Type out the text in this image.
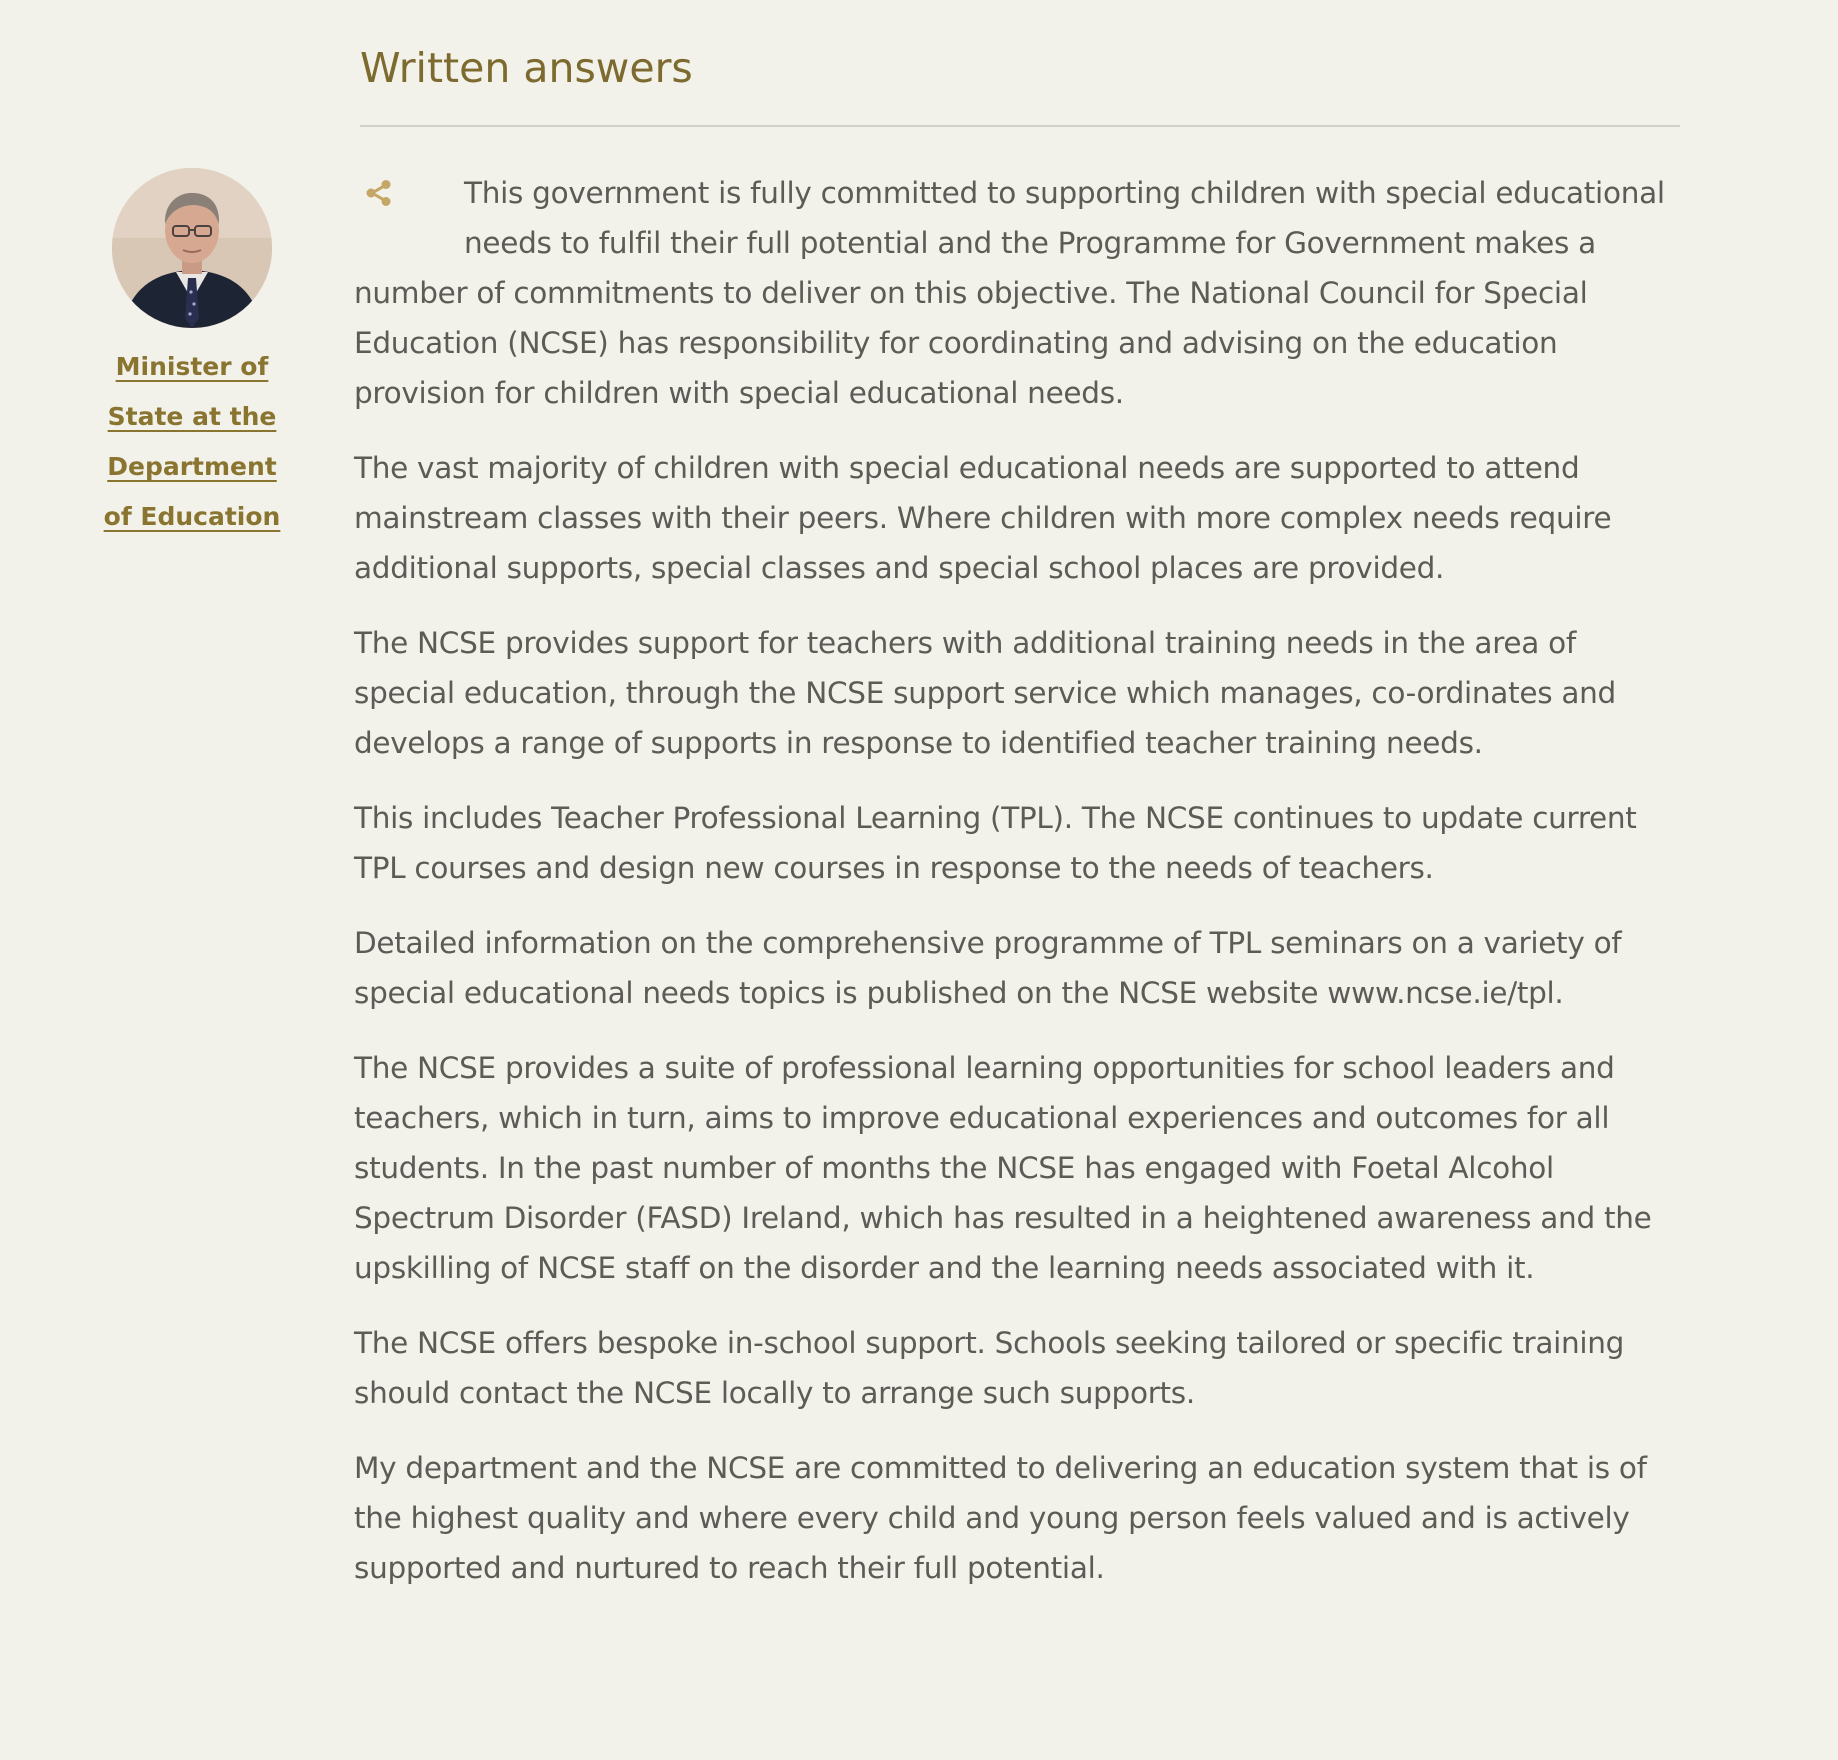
Written answers
Minister of State at the Department of Education

This government is fully committed to supporting children with special educational needs to fulfil their full potential and the Programme for Government makes a number of commitments to deliver on this objective. The National Council for Special Education (NCSE) has responsibility for coordinating and advising on the education provision for children with special educational needs.

The vast majority of children with special educational needs are supported to attend mainstream classes with their peers. Where children with more complex needs require additional supports, special classes and special school places are provided.

The NCSE provides support for teachers with additional training needs in the area of special education, through the NCSE support service which manages, co-ordinates and develops a range of supports in response to identified teacher training needs.

This includes Teacher Professional Learning (TPL). The NCSE continues to update current TPL courses and design new courses in response to the needs of teachers.

Detailed information on the comprehensive programme of TPL seminars on a variety of special educational needs topics is published on the NCSE website www.ncse.ie/tpl.

The NCSE provides a suite of professional learning opportunities for school leaders and teachers, which in turn, aims to improve educational experiences and outcomes for all students. In the past number of months the NCSE has engaged with Foetal Alcohol Spectrum Disorder (FASD) Ireland, which has resulted in a heightened awareness and the upskilling of NCSE staff on the disorder and the learning needs associated with it.

The NCSE offers bespoke in-school support. Schools seeking tailored or specific training should contact the NCSE locally to arrange such supports.

My department and the NCSE are committed to delivering an education system that is of the highest quality and where every child and young person feels valued and is actively supported and nurtured to reach their full potential.
